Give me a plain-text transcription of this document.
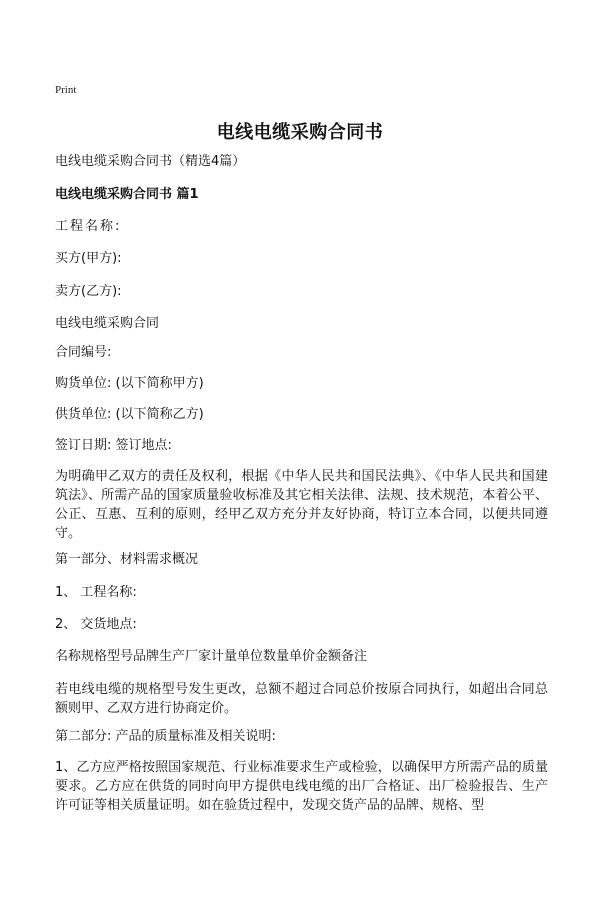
Print
电线电缆采购合同书
电线电缆采购合同书（精选4篇）
电线电缆采购合同书 篇1
工程名称:
买方(甲方):
卖方(乙方):
电线电缆采购合同
合同编号:
购货单位: (以下简称甲方)
供货单位: (以下简称乙方)
签订日期: 签订地点:
为明确甲乙双方的责任及权利，根据《中华人民共和国民法典》、《中华人民共和国建筑法》、所需产品的国家质量验收标准及其它相关法律、法规、技术规范，本着公平、公正、互惠、互利的原则，经甲乙双方充分并友好协商，特订立本合同，以便共同遵守。
第一部分、材料需求概况
1、 工程名称:
2、 交货地点:
名称规格型号品牌生产厂家计量单位数量单价金额备注
若电线电缆的规格型号发生更改，总额不超过合同总价按原合同执行，如超出合同总额则甲、乙双方进行协商定价。
第二部分: 产品的质量标准及相关说明:
1、乙方应严格按照国家规范、行业标准要求生产或检验，以确保甲方所需产品的质量要求。乙方应在供货的同时向甲方提供电线电缆的出厂合格证、出厂检验报告、生产许可证等相关质量证明。如在验货过程中，发现交货产品的品牌、规格、型
